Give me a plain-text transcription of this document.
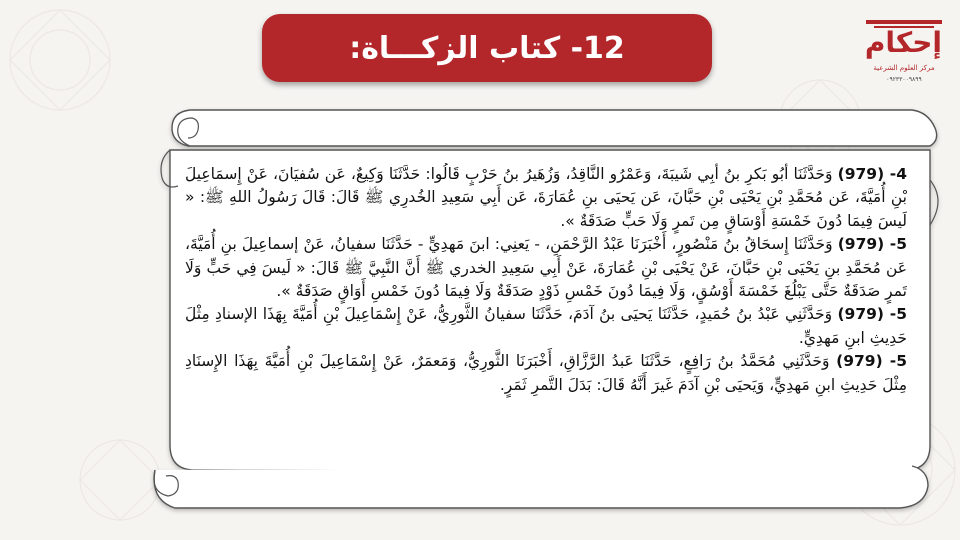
12- كتاب الزكـــاة:	إحكام
مركز العلوم الشرعية
٠٩٢٣٣٠٠٩٨٩٩

4- (979) وَحَدَّثَنَا أَبُو بَكرِ بنُ أَبِي شَيبَةَ، وَعَمْرُو النَّاقِدُ، وَزُهَيرُ بنُ حَرْبٍ قَالُوا: حَدَّثَنَا وَكِيعٌ، عَن سُفيَانَ، عَنْ إِسمَاعِيلَ بْنِ أُمَيَّةَ، عَن مُحَمَّدِ بْنِ يَحْيَى بْنِ حَبَّانَ، عَن يَحيَى بنِ عُمَارَةَ، عَن أَبِي سَعِيدِ الخُدرِي ﷺ قَالَ: قَالَ رَسُولُ اللهِ ﷺ: « لَيسَ فِيمَا دُونَ خَمْسَةِ أَوْسَاقٍ مِن تَمرٍ وَلَا حَبٍّ صَدَقَةٌ ».

5- (979) وَحَدَّثَنَا إِسحَاقُ بنُ مَنْصُورٍ، أَخْبَرَنَا عَبْدُ الرَّحْمَنِ، - يَعنِي: ابنَ مَهدِيٍّ - حَدَّثَنَا سفيانُ، عَنْ إسماعِيلَ بنِ أُمَيَّةَ، عَن مُحَمَّدِ بنِ يَحْيَى بْنِ حَبَّانَ، عَنْ يَحْيَى بْنِ عُمَارَةَ، عَنْ أَبِي سَعِيدِ الخدري ﷺ أَنَّ النَّبِيَّ ﷺ قَالَ: « لَيسَ فِي حَبٍّ وَلَا تَمرٍ صَدَقَةٌ حَتَّى يَبْلُغَ خَمْسَةَ أَوْسُقٍ، وَلَا فِيمَا دُونَ خَمْسِ ذَوْدٍ صَدَقَةٌ وَلَا فِيمَا دُونَ خَمْسِ أَوَاقٍ صَدَقَةٌ ».

5- (979) وَحَدَّثَنِي عَبْدُ بنُ حُمَيدٍ، حَدَّثَنَا يَحيَى بنُ آدَمَ، حَدَّثَنَا سفيانُ الثَّورِيُّ، عَنْ إِسْمَاعِيلَ بْنِ أُمَيَّةَ بِهَذَا الإسنادِ مِثْلَ حَدِيثِ ابنِ مَهدِيٍّ.

5- (979) وَحَدَّثَنِي مُحَمَّدُ بنُ رَافِعٍ، حَدَّثَنَا عَبدُ الرَّزَّاقِ، أَخْبَرَنَا الثَّورِيُّ، وَمَعمَرٌ، عَنْ إِسْمَاعِيلَ بْنِ أُمَيَّةَ بِهَذَا الإِسنَادِ مِثْلَ حَدِيثِ ابنِ مَهدِيٍّ، وَيَحيَى بْنِ آدَمَ غَيرَ أَنَّهُ قَالَ: بَدَلَ التَّمرِ ثَمَرٍ.
